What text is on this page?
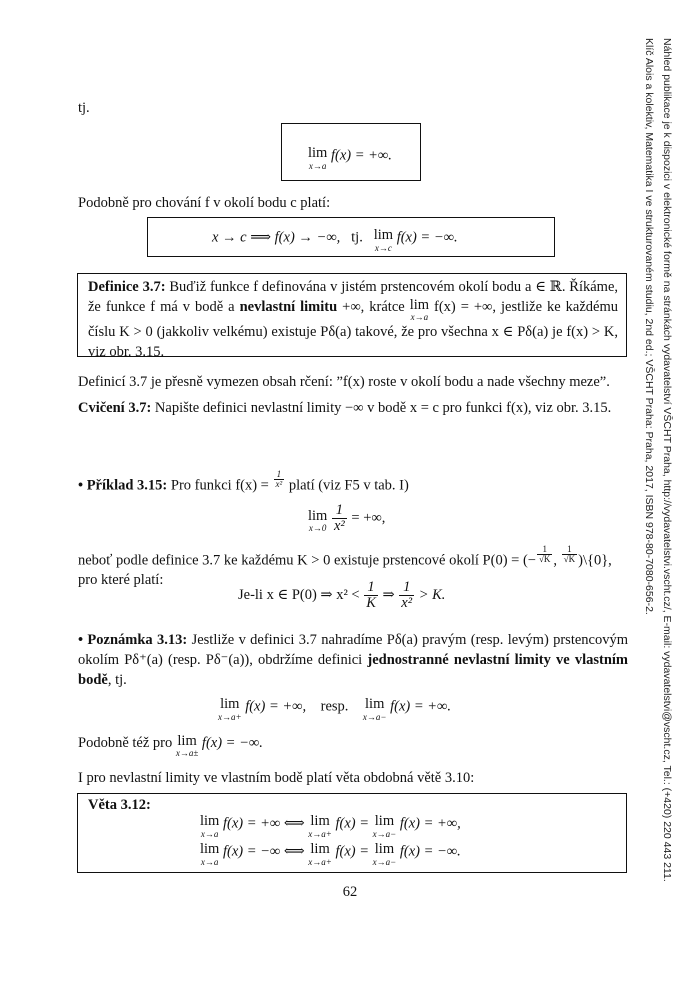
Náhled publikace je k dispozici v elektronické formě na stránkách vydavatelství VŠCHT Praha, http://vydavatelstvi.vscht.cz/, E-mail: vydavatelstvi@vscht.cz, Tel.: (+420) 220 443 211.
Klíč Alois a kolektiv, Matematika I ve strukturovaném studiu, 2nd ed.; VŠCHT Praha: Praha, 2017, ISBN 978-80-7080-656-2.
tj.
lim
x→a
f(x) = +∞.
Podobně pro chování f v okolí bodu c platí:
x → c ⟹ f(x) → −∞, tj. lim
x→c
f(x) = −∞.
Definice 3.7: Buďiž funkce f definována v jistém prstencovém okolí bodu a ∈ ℝ. Říkáme, že funkce f má v bodě a nevlastní limitu +∞, krátce lim
x→a
f(x) = +∞, jestliže ke každému číslu K > 0 (jakkoliv velkému) existuje Pδ(a) takové, že pro všechna x ∈ Pδ(a) je f(x) > K, viz obr. 3.15.
Definicí 3.7 je přesně vymezen obsah rčení: ”f(x) roste v okolí bodu a nade všechny meze”.
Cvičení 3.7: Napište definici nevlastní limity −∞ v bodě x = c pro funkci f(x), viz obr. 3.15.
• Příklad 3.15: Pro funkci $f(x) = \frac{1}{\text{x²}}$ platí (viz F5 v tab. I)
lim
x→0
$\frac{1}{\text{x²}}$ = +∞,
neboť podle definice 3.7 ke každému K > 0 existuje prstencové okolí P(0) = (− $\frac{1}{√K}$ , $\frac{1}{√K}$ )\{0},
pro které platí:
Je-li x ∈ P(0) ⇒ $x^2 < \frac{1}{K}$ ⇒ $\frac{1}{\text{x²}} > K$.
• Poznámka 3.13: Jestliže v definici 3.7 nahradíme Pδ(a) pravým (resp. levým) prstencovým okolím Pδ⁺(a) (resp. Pδ⁻(a)), obdržíme definici jednostranné nevlastní limity ve vlastním bodě, tj.
lim
x→a+
f(x) = +∞, resp. lim
x→a−
f(x) = +∞.
Podobně též pro lim
x→a±
f(x) = −∞.
I pro nevlastní limity ve vlastním bodě platí věta obdobná větě 3.10:
Věta 3.12:
lim
x→a
f(x) = +∞ ⟺ lim
x→a+
f(x) = lim
x→a−
f(x) = +∞,
lim
x→a
f(x) = −∞ ⟺ lim
x→a+
f(x) = lim
x→a−
f(x) = −∞.
62
